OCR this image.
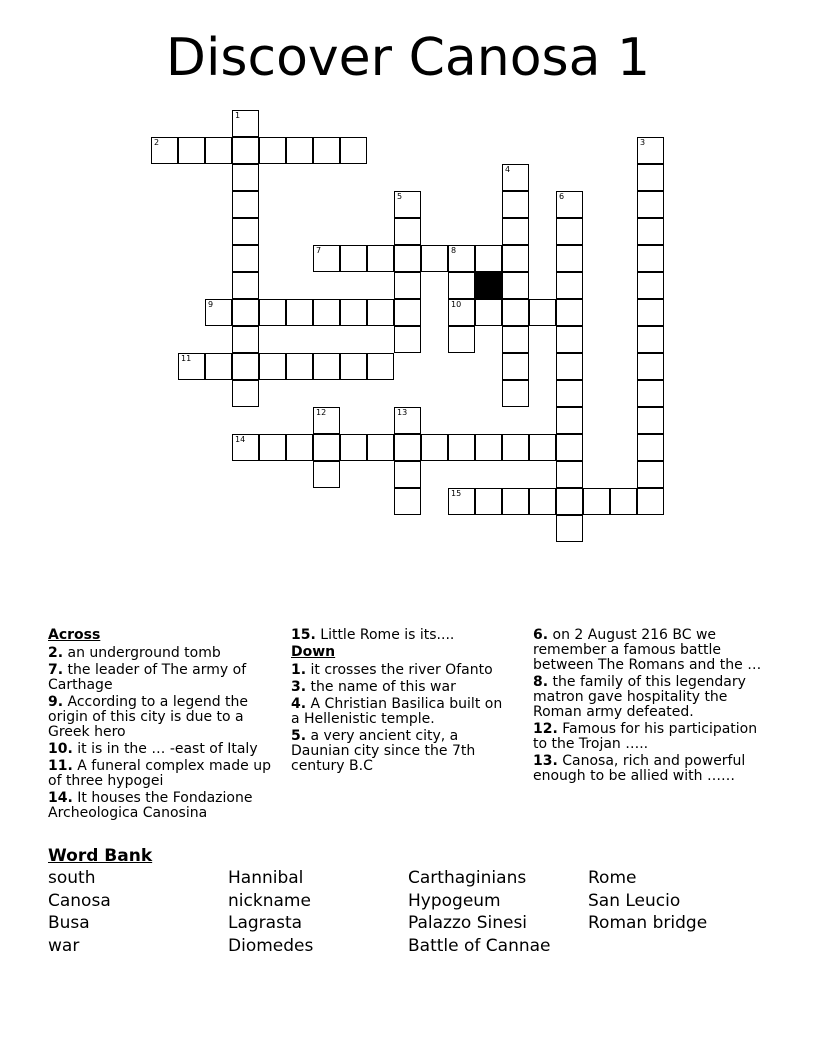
Discover Canosa 1
1
2	3
4
5	6
7	8
10
9
11
12	13
14
15
Across
2. an underground tomb
7. the leader of The army of Carthage
9. According to a legend the origin of this city is due to a Greek hero
10. it is in the … -east of Italy
11. A funeral complex made up of three hypogei
14. It houses the Fondazione Archeologica Canosina
15. Little Rome is its....
Down
1. it crosses the river Ofanto
3. the name of this war
4. A Christian Basilica built on a Hellenistic temple.
5. a very ancient city, a Daunian city since the 7th century B.C
6. on 2 August 216 BC we remember a famous battle between The Romans and the …
8. the family of this legendary matron gave hospitality the Roman army defeated.
12. Famous for his participation to the Trojan …..
13. Canosa, rich and powerful enough to be allied with ……
Word Bank
south	Hannibal	Carthaginians	Rome
Canosa	nickname	Hypogeum	San Leucio
Busa	Lagrasta	Palazzo Sinesi	Roman bridge
war	Diomedes	Battle of Cannae
